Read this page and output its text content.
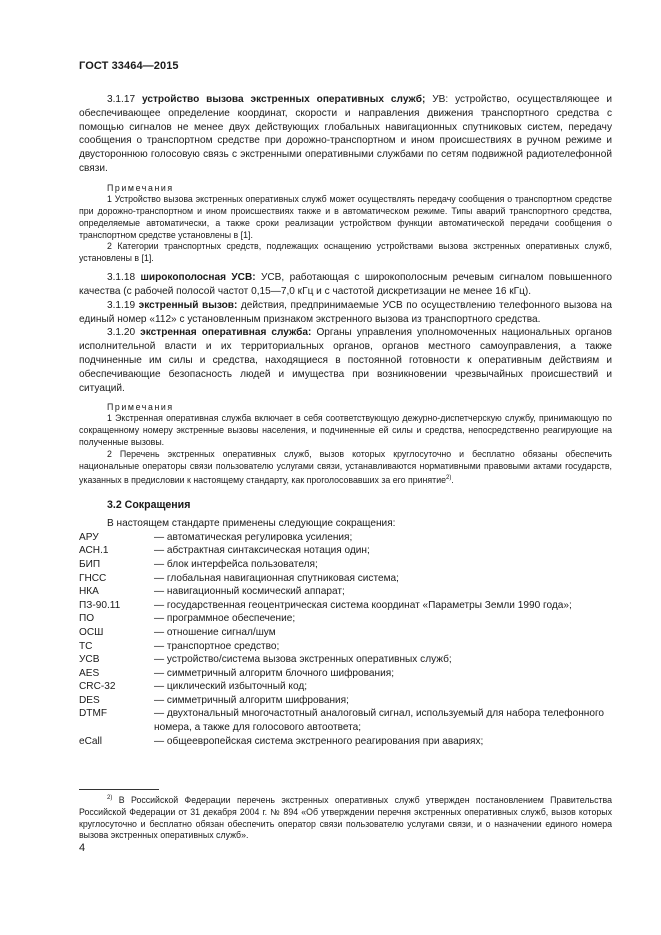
ГОСТ 33464—2015

3.1.17 устройство вызова экстренных оперативных служб; УВ: устройство, осуществляющее и обеспечивающее определение координат, скорости и направления движения транспортного средства с помощью сигналов не менее двух действующих глобальных навигационных спутниковых систем, передачу сообщения о транспортном средстве при дорожно-транспортном и ином происшествиях в ручном режиме и двустороннюю голосовую связь с экстренными оперативными службами по сетям подвижной радиотелефонной связи.

Примечания

1 Устройство вызова экстренных оперативных служб может осуществлять передачу сообщения о транспортном средстве при дорожно-транспортном и ином происшествиях также и в автоматическом режиме. Типы аварий транспортного средства, определяемые автоматически, а также сроки реализации устройством функции автоматической передачи сообщения о транспортном средстве установлены в [1].

2 Категории транспортных средств, подлежащих оснащению устройствами вызова экстренных оперативных служб, установлены в [1].

3.1.18 широкополосная УСВ: УСВ, работающая с широкополосным речевым сигналом повышенного качества (с рабочей полосой частот 0,15—7,0 кГц и с частотой дискретизации не менее 16 кГц).

3.1.19 экстренный вызов: действия, предпринимаемые УСВ по осуществлению телефонного вызова на единый номер «112» с установленным признаком экстренного вызова из транспортного средства.

3.1.20 экстренная оперативная служба: Органы управления уполномоченных национальных органов исполнительной власти и их территориальных органов, органов местного самоуправления, а также подчиненные им силы и средства, находящиеся в постоянной готовности к оперативным действиям и обеспечивающие безопасность людей и имущества при возникновении чрезвычайных происшествий и ситуаций.

Примечания

1 Экстренная оперативная служба включает в себя соответствующую дежурно-диспетчерскую службу, принимающую по сокращенному номеру экстренные вызовы населения, и подчиненные ей силы и средства, непосредственно реагирующие на полученные вызовы.

2 Перечень экстренных оперативных служб, вызов которых круглосуточно и бесплатно обязаны обеспечить национальные операторы связи пользователю услугами связи, устанавливаются нормативными правовыми актами государств, указанных в предисловии к настоящему стандарту, как проголосовавших за его принятие$^{2)}$.

3.2 Сокращения

В настоящем стандарте применены следующие сокращения:

АРУ	— автоматическая регулировка усиления;
АСН.1	— абстрактная синтаксическая нотация один;
БИП	— блок интерфейса пользователя;
ГНСС	— глобальная навигационная спутниковая система;
НКА	— навигационный космический аппарат;
ПЗ-90.11	— государственная геоцентрическая система координат «Параметры Земли 1990 года»;
ПО	— программное обеспечение;
ОСШ	— отношение сигнал/шум
ТС	— транспортное средство;
УСВ	— устройство/система вызова экстренных оперативных служб;
AES	— симметричный алгоритм блочного шифрования;
CRC-32	— циклический избыточный код;
DES	— симметричный алгоритм шифрования;
DTMF	— двухтональный многочастотный аналоговый сигнал, используемый для набора телефонного номера, а также для голосового автоответа;
eCall	— общеевропейская система экстренного реагирования при авариях;

$^{2)}$ В Российской Федерации перечень экстренных оперативных служб утвержден постановлением Правительства Российской Федерации от 31 декабря 2004 г. № 894 «Об утверждении перечня экстренных оперативных служб, вызов которых круглосуточно и бесплатно обязан обеспечить оператор связи пользователю услугами связи, и о назначении единого номера вызова экстренных оперативных служб».

4
